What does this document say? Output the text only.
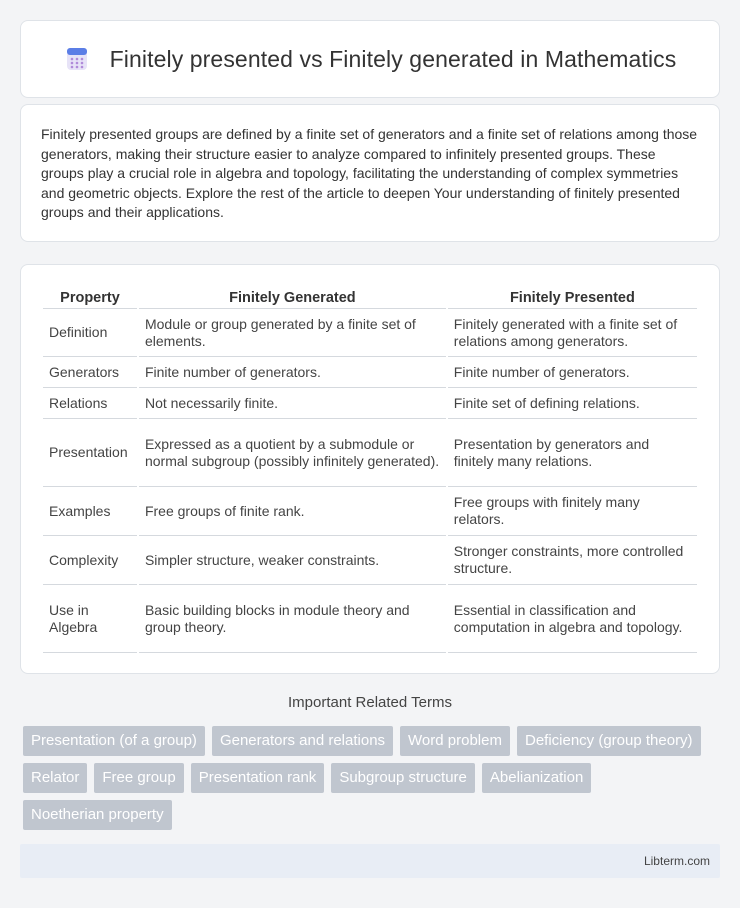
Finitely presented vs Finitely generated in Mathematics

Finitely presented groups are defined by a finite set of generators and a finite set of relations among those generators, making their structure easier to analyze compared to infinitely presented groups. These groups play a crucial role in algebra and topology, facilitating the understanding of complex symmetries and geometric objects. Explore the rest of the article to deepen Your understanding of finitely presented groups and their applications.

Property	Finitely Generated	Finitely Presented
Definition	Module or group generated by a finite set of elements.	Finitely generated with a finite set of relations among generators.
Generators	Finite number of generators.	Finite number of generators.
Relations	Not necessarily finite.	Finite set of defining relations.
Presentation	Expressed as a quotient by a submodule or normal subgroup (possibly infinitely generated).	Presentation by generators and finitely many relations.
Examples	Free groups of finite rank.	Free groups with finitely many relators.
Complexity	Simpler structure, weaker constraints.	Stronger constraints, more controlled structure.
Use in Algebra	Basic building blocks in module theory and group theory.	Essential in classification and computation in algebra and topology.
Important Related Terms
Presentation (of a group)	Generators and relations	Word problem	Deficiency (group theory)
Relator	Free group	Presentation rank	Subgroup structure	Abelianization
Noetherian property
Libterm.com
